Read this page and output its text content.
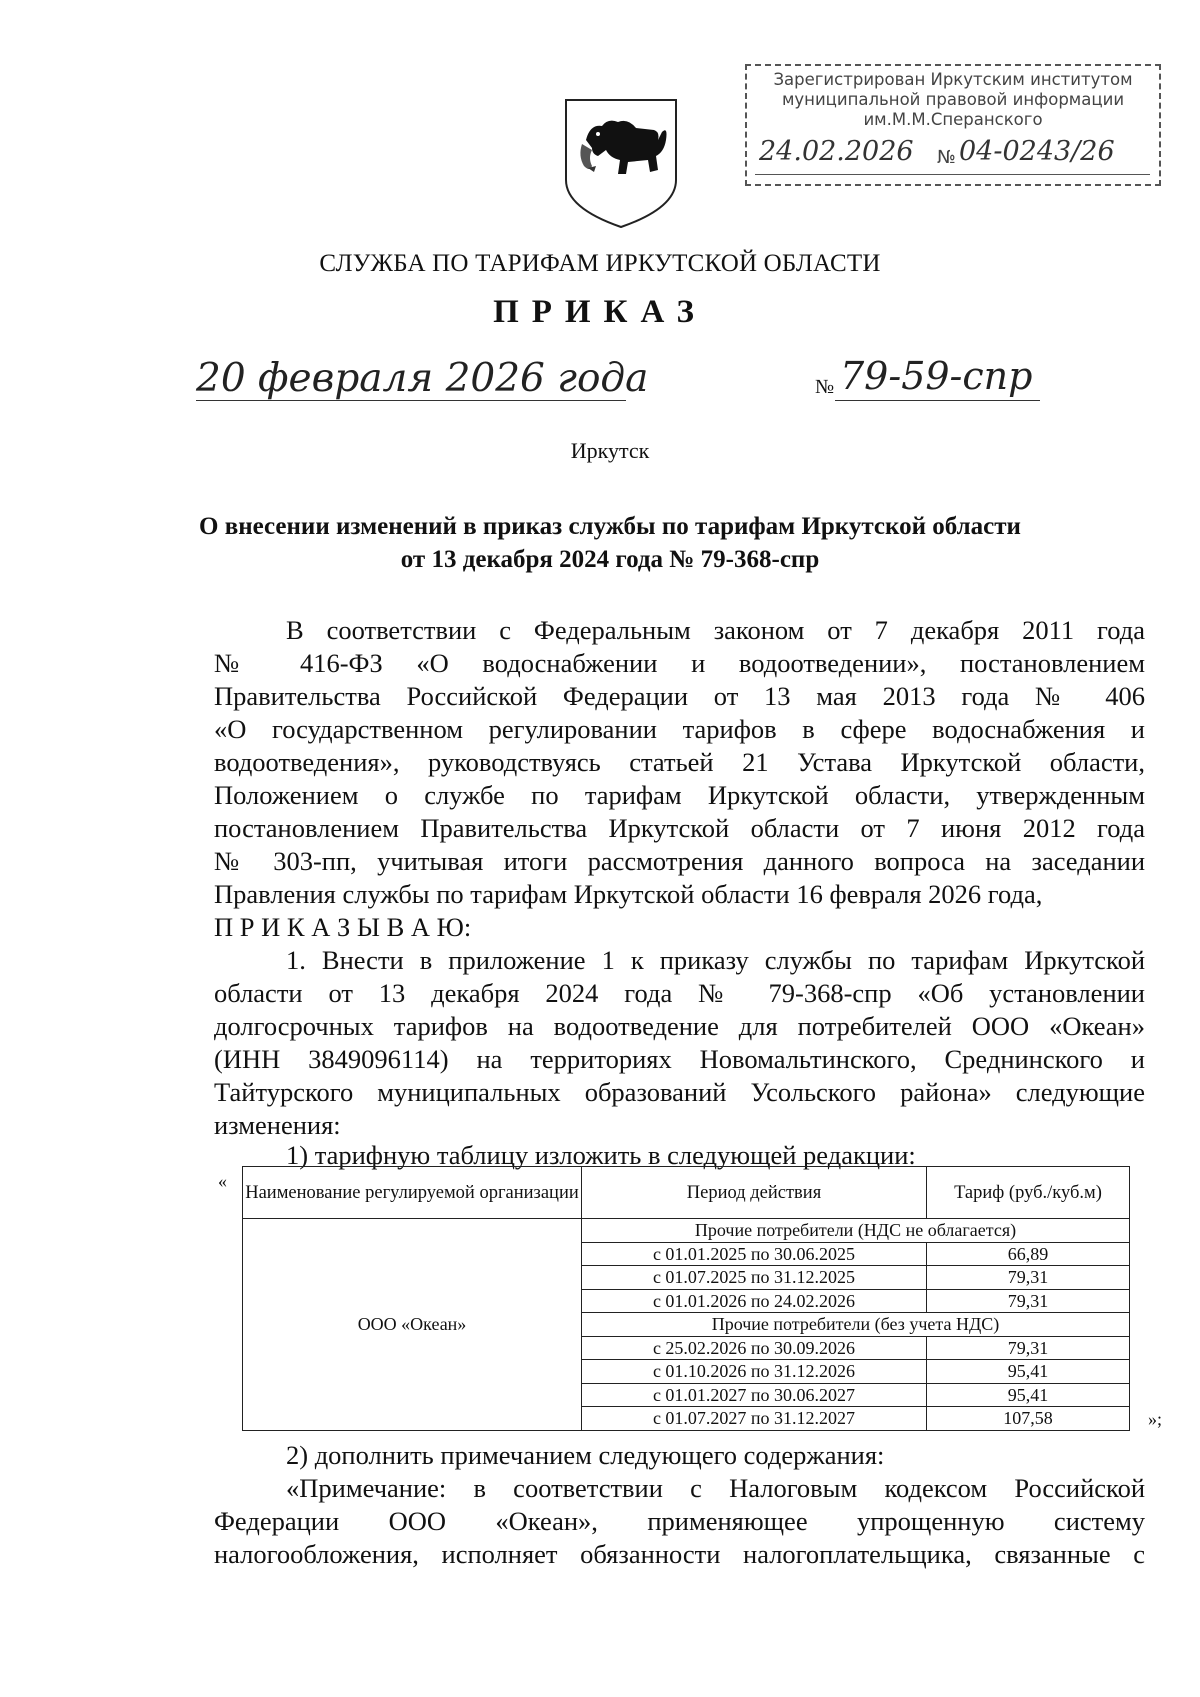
Зарегистрирован Иркутским институтом
муниципальной правовой информации
им.М.М.Сперанского
24.02.2026 № 04-0243/26
СЛУЖБА ПО ТАРИФАМ ИРКУТСКОЙ ОБЛАСТИ
ПРИКАЗ
20 февраля 2026 года	№ 79-59-спр
Иркутск
О внесении изменений в приказ службы по тарифам Иркутской области
от 13 декабря 2024 года № 79-368-спр
В соответствии с Федеральным законом от 7 декабря 2011 года
№ 416-ФЗ «О водоснабжении и водоотведении», постановлением
Правительства Российской Федерации от 13 мая 2013 года № 406
«О государственном регулировании тарифов в сфере водоснабжения и
водоотведения», руководствуясь статьей 21 Устава Иркутской области,
Положением о службе по тарифам Иркутской области, утвержденным
постановлением Правительства Иркутской области от 7 июня 2012 года
№ 303-пп, учитывая итоги рассмотрения данного вопроса на заседании
Правления службы по тарифам Иркутской области 16 февраля 2026 года,
П Р И К А З Ы В А Ю:
1. Внести в приложение 1 к приказу службы по тарифам Иркутской
области от 13 декабря 2024 года № 79-368-спр «Об установлении
долгосрочных тарифов на водоотведение для потребителей ООО «Океан»
(ИНН 3849096114) на территориях Новомальтинского, Среднинского и
Тайтурского муниципальных образований Усольского района» следующие
изменения:
1) тарифную таблицу изложить в следующей редакции:
«
Наименование регулируемой организации	Период действия	Тариф (руб./куб.м)
ООО «Океан»	Прочие потребители (НДС не облагается)	
	с 01.01.2025 по 30.06.2025	66,89
	с 01.07.2025 по 31.12.2025	79,31
	с 01.01.2026 по 24.02.2026	79,31
	Прочие потребители (без учета НДС)	
	с 25.02.2026 по 30.09.2026	79,31
	с 01.10.2026 по 31.12.2026	95,41
	с 01.01.2027 по 30.06.2027	95,41
	с 01.07.2027 по 31.12.2027	107,58	»;
2) дополнить примечанием следующего содержания:
«Примечание: в соответствии с Налоговым кодексом Российской
Федерации ООО «Океан», применяющее упрощенную систему
налогообложения, исполняет обязанности налогоплательщика, связанные с
